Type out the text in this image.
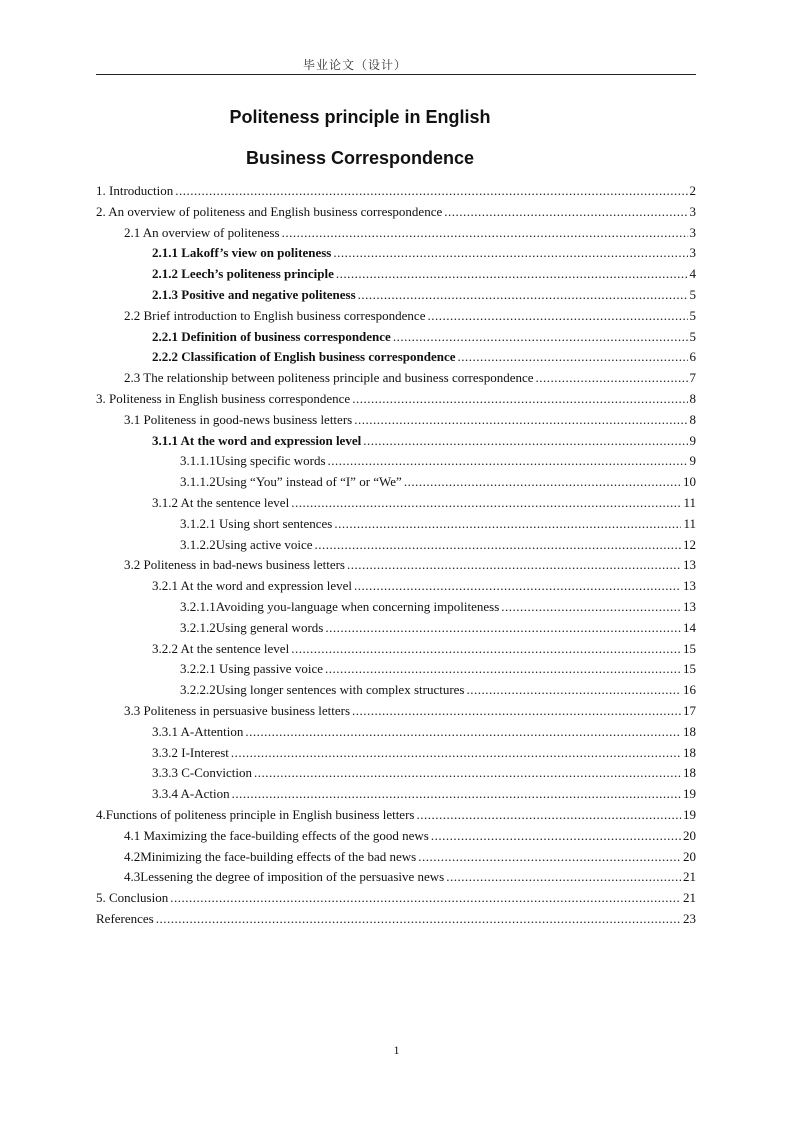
毕业论文（设计）
Politeness principle in English
Business Correspondence
1. Introduction .....	2
2. An overview of politeness and English business correspondence .....	3
2.1 An overview of politeness .....	3
2.1.1 Lakoff’s view on politeness .....	3
2.1.2 Leech’s politeness principle .....	4
2.1.3 Positive and negative politeness .....	5
2.2 Brief introduction to English business correspondence .....	5
2.2.1 Definition of business correspondence .....	5
2.2.2 Classification of English business correspondence .....	6
2.3 The relationship between politeness principle and business correspondence .....	7
3. Politeness in English business correspondence .....	8
3.1 Politeness in good-news business letters .....	8
3.1.1 At the word and expression level .....	9
3.1.1.1Using specific words .....	9
3.1.1.2Using “You” instead of “I” or “We” .....	10
3.1.2 At the sentence level .....	11
3.1.2.1 Using short sentences .....	11
3.1.2.2Using active voice .....	12
3.2 Politeness in bad-news business letters .....	13
3.2.1 At the word and expression level .....	13
3.2.1.1Avoiding you-language when concerning impoliteness .....	13
3.2.1.2Using general words .....	14
3.2.2 At the sentence level .....	15
3.2.2.1 Using passive voice .....	15
3.2.2.2Using longer sentences with complex structures .....	16
3.3 Politeness in persuasive business letters .....	17
3.3.1 A-Attention .....	18
3.3.2 I-Interest .....	18
3.3.3 C-Conviction .....	18
3.3.4 A-Action .....	19
4.Functions of politeness principle in English business letters .....	19
4.1 Maximizing the face-building effects of the good news .....	20
4.2Minimizing the face-building effects of the bad news .....	20
4.3Lessening the degree of imposition of the persuasive news .....	21
5. Conclusion .....	21
References .....	23
1
